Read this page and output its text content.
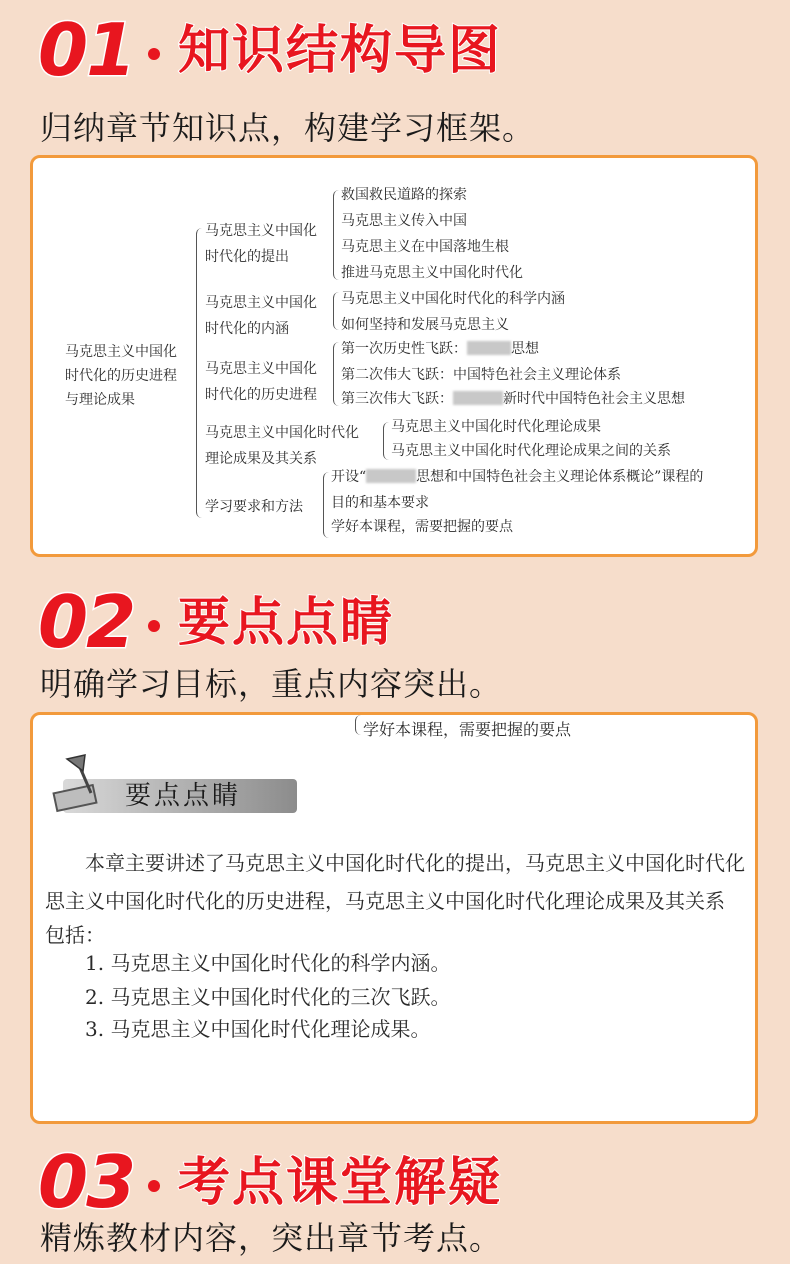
01 知识结构导图
归纳章节知识点，构建学习框架。
马克思主义中国化
时代化的历史进程
与理论成果
马克思主义中国化
时代化的提出
救国救民道路的探索
马克思主义传入中国
马克思主义在中国落地生根
推进马克思主义中国化时代化
马克思主义中国化
时代化的内涵
马克思主义中国化时代化的科学内涵
如何坚持和发展马克思主义
马克思主义中国化
时代化的历史进程
第一次历史性飞跃：	思想
第二次伟大飞跃：中国特色社会主义理论体系
第三次伟大飞跃：	新时代中国特色社会主义思想
马克思主义中国化时代化
理论成果及其关系
马克思主义中国化时代化理论成果
马克思主义中国化时代化理论成果之间的关系
学习要求和方法
开设“	思想和中国特色社会主义理论体系概论”课程的
目的和基本要求
学好本课程，需要把握的要点
02 要点点睛
明确学习目标，重点内容突出。
学好本课程，需要把握的要点
要点点睛
本章主要讲述了马克思主义中国化时代化的提出，马克思主义中国化时代化
思主义中国化时代化的历史进程，马克思主义中国化时代化理论成果及其关系
包括：
1. 马克思主义中国化时代化的科学内涵。
2. 马克思主义中国化时代化的三次飞跃。
3. 马克思主义中国化时代化理论成果。
03 考点课堂解疑
精炼教材内容，突出章节考点。
